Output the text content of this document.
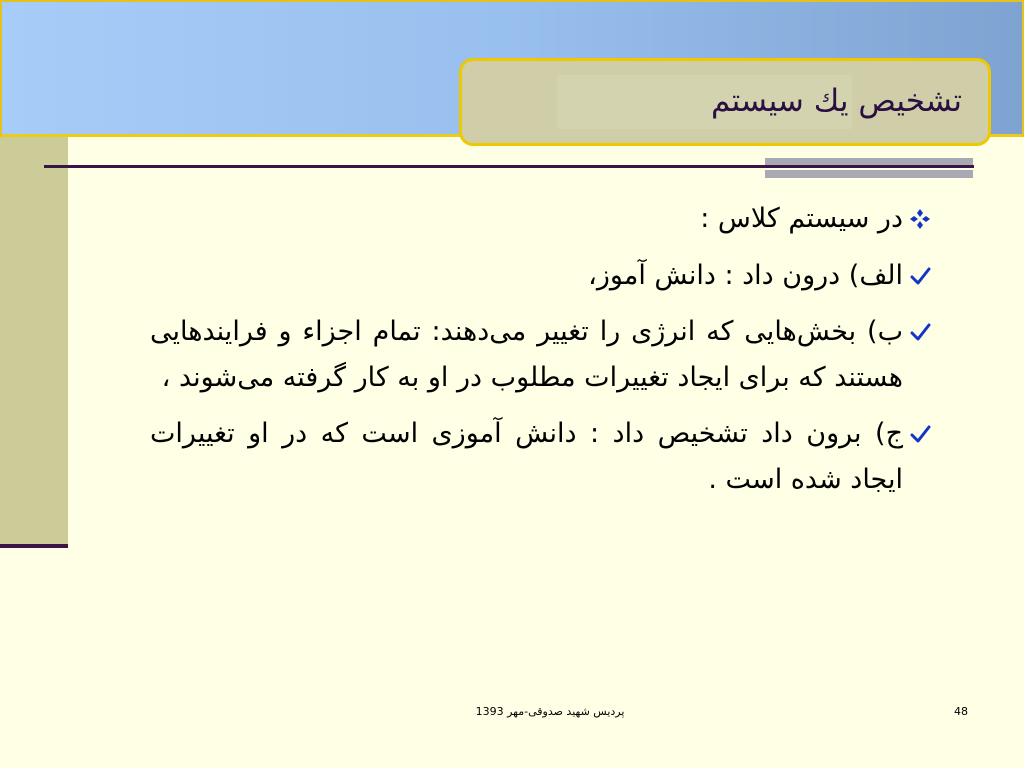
تشخيص يك سيستم
در سیستم کلاس :
الف) درون داد : دانش آموز،
ب) بخش‌هایی که انرژی را تغییر می‌دهند: تمام اجزاء و فرایندهایی هستند که برای ایجاد تغییرات مطلوب در او به کار گرفته می‌شوند ،
ج) برون داد تشخیص داد : دانش آموزی است که در او تغییرات ایجاد شده است .
پردیس شهید صدوقی-مهر 1393	48
